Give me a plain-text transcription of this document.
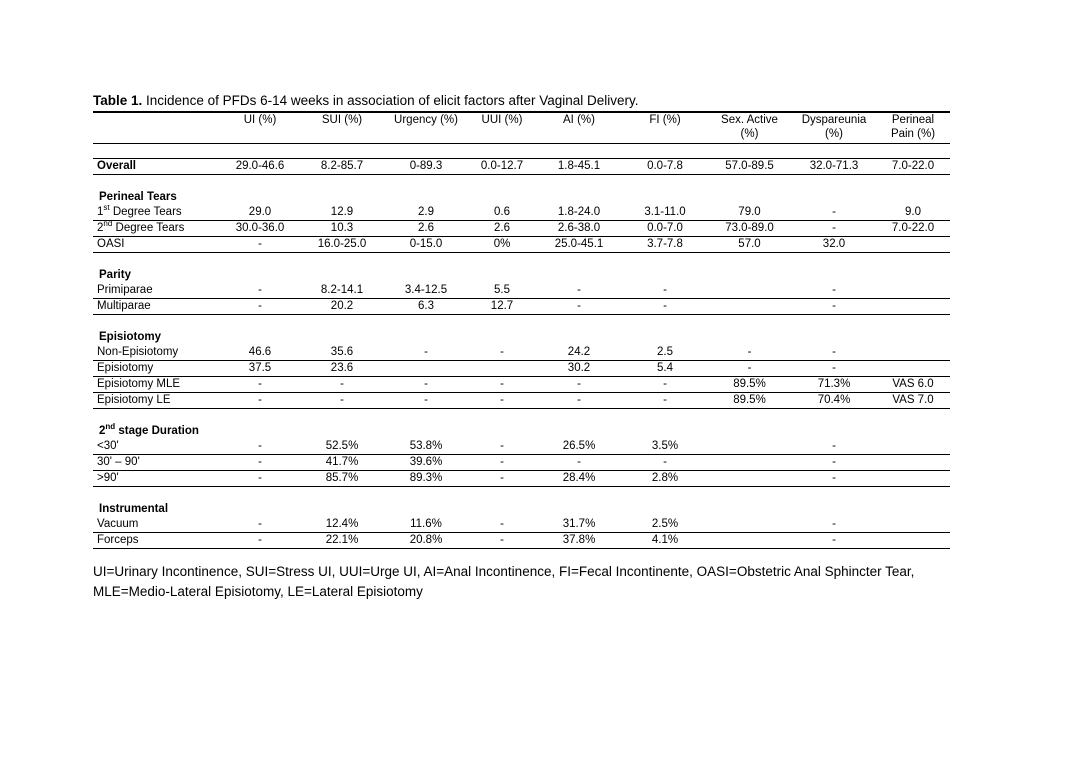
Table 1. Incidence of PFDs 6-14 weeks in association of elicit factors after Vaginal Delivery.
	UI (%)	SUI (%)	Urgency (%)	UUI (%)	AI (%)	FI (%)	Sex. Active (%)	Dyspareunia (%)	Perineal Pain (%)

Overall	29.0-46.6	8.2-85.7	0-89.3	0.0-12.7	1.8-45.1	0.0-7.8	57.0-89.5	32.0-71.3	7.0-22.0

Perineal Tears									
1st Degree Tears	29.0	12.9	2.9	0.6	1.8-24.0	3.1-11.0	79.0	-	9.0
2nd Degree Tears	30.0-36.0	10.3	2.6	2.6	2.6-38.0	0.0-7.0	73.0-89.0	-	7.0-22.0
OASI	-	16.0-25.0	0-15.0	0%	25.0-45.1	3.7-7.8	57.0	32.0	

Parity									
Primiparae	-	8.2-14.1	3.4-12.5	5.5	-	-		-	
Multiparae	-	20.2	6.3	12.7	-	-		-	

Episiotomy									
Non-Episiotomy	46.6	35.6	-	-	24.2	2.5	-	-	
Episiotomy	37.5	23.6			30.2	5.4	-	-	
Episiotomy MLE	-	-	-	-	-	-	89.5%	71.3%	VAS 6.0
Episiotomy LE	-	-	-	-	-	-	89.5%	70.4%	VAS 7.0

2nd stage Duration									
<30'	-	52.5%	53.8%	-	26.5%	3.5%		-	
30' – 90'	-	41.7%	39.6%	-	-	-		-	
>90'	-	85.7%	89.3%	-	28.4%	2.8%		-	

Instrumental									
Vacuum	-	12.4%	11.6%	-	31.7%	2.5%		-	
Forceps	-	22.1%	20.8%	-	37.8%	4.1%		-	
UI=Urinary Incontinence, SUI=Stress UI, UUI=Urge UI, AI=Anal Incontinence, FI=Fecal Incontinente, OASI=Obstetric Anal Sphincter Tear,
MLE=Medio-Lateral Episiotomy, LE=Lateral Episiotomy
